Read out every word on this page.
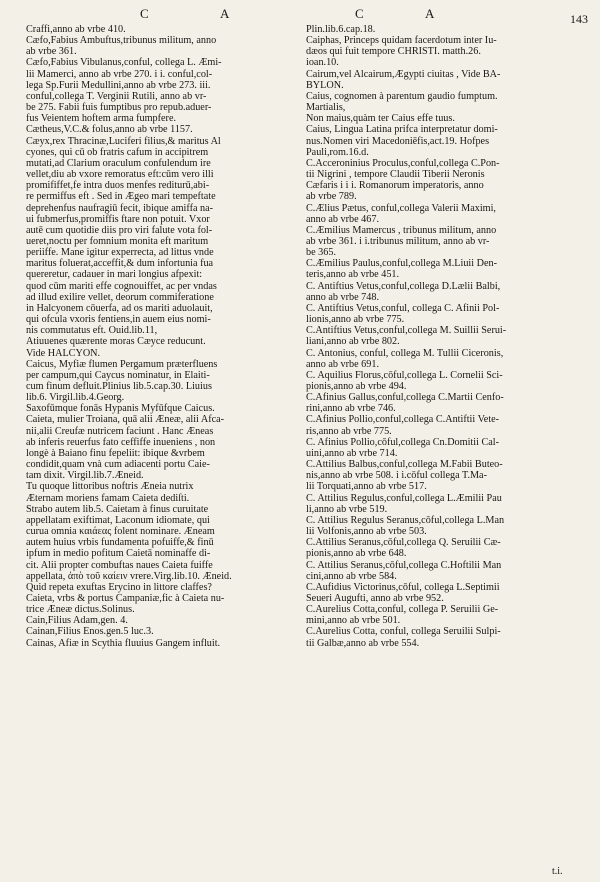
C	A	C	A	143
Craffi,anno ab vrbe 410.
Cæfo,Fabius Ambuftus,tribunus militum, anno
ab vrbe 361.
Cæfo,Fabius Vibulanus,conful, collega L. Æmi-
lii Mamerci, anno ab vrbe 270. i i. conful,col-
lega Sp.Furii Medullini,anno ab vrbe 273. iii.
conful,collega T. Verginii Rutili, anno ab vr-
be 275. Fabii fuis fumptibus pro repub.aduer-
fus Veientem hoftem arma fumpfere.
Cætheus,V.C.& folus,anno ab vrbe 1157.
Cæyx,rex Thracinæ,Luciferi filius,& maritus Al
cyones, qui cū ob fratris cafum in accipitrem
mutati,ad Clarium oraculum confulendum ire
vellet,diu ab vxore remoratus eft:cūm vero illi
promififfet,fe intra duos menfes rediturū,abi-
re permiffus eft . Sed in Ægeo mari tempeftate
deprehenfus naufragiū fecit, ibique amiffa na-
ui fubmerfus,promiffis ftare non potuit. Vxor
autē cum quotidie diis pro viri falute vota fol-
ueret,noctu per fomnium monita eft maritum
periiffe. Mane igitur experrecta, ad littus vnde
maritus foluerat,acceffit,& dum infortunia fua
quereretur, cadauer in mari longius afpexit:
quod cūm mariti effe cognouiffet, ac per vndas
ad illud exilire vellet, deorum commiferatione
in Halcyonem cōuerfa, ad os mariti aduolauit,
qui ofcula vxoris fentiens,in auem eius nomi-
nis commutatus eft. Ouid.lib.11,
Atiuuenes quærente moras Cæyce reducunt.
Vide HALCYON.
Caicus, Myfiæ flumen Pergamum præterfluens
per campum,qui Caycus nominatur, in Elaiti-
cum finum defluit.Plinius lib.5.cap.30. Liuius
lib.6. Virgil.lib.4.Georg.
Saxofūmque fonās Hypanis Myfūfque Caicus.
Caieta, mulier Troiana, quā alii Æneæ, alii Afca-
nii,alii Creufæ nutricem faciunt . Hanc Æneas
ab inferis reuerfus fato ceffiffe inueniens , non
longè à Baiano finu fepeliit: ibique &vrbem
condidit,quam vnà cum adiacenti portu Caie-
tam dixit. Virgil.lib.7.Æneid.
Tu quoque littoribus noftris Æneia nutrix
Æternam moriens famam Caieta dediſti.
Strabo autem lib.5. Caietam à finus curuitate
appellatam exiftimat, Laconum idiomate, qui
curua omnia καιάεας folent nominare. Æneam
autem huius vrbis fundamenta pofuiffe,& finū
ipfum in medio pofitum Caietā nominaffe di-
cit. Alii propter combuftas naues Caieta fuiffe
appellata, ἀπὸ τοῦ καίειν vrere.Virg.lib.10. Æneid.
Quid repeta exuftas Erycino in littore claffes?
Caieta, vrbs & portus Campaniæ,fic à Caieta nu-
trice Æneæ dictus.Solinus.
Cain,Filius Adam,gen. 4.
Cainan,Filius Enos.gen.5 luc.3.
Cainas, Afiæ in Scythia fluuius Gangem influit.
Plin.lib.6.cap.18.
Caiphas, Princeps quidam facerdotum inter Iu-
dæos qui fuit tempore CHRISTI. matth.26.
ioan.10.
Cairum,vel Alcairum,Ægypti ciuitas , Vide BA-
BYLON.
Caius, cognomen à parentum gaudio fumptum.
Martialis,
Non maius,quàm ter Caius effe tuus.
Caius, Lingua Latina prifca interpretatur domi-
nus.Nomen viri Macedoniēfis,act.19. Hofpes
Pauli,rom.16.d.
C.Acceroninius Proculus,conful,collega C.Pon-
tii Nigrini , tempore Claudii Tiberii Neronis
Cæfaris i i i. Romanorum imperatoris, anno
ab vrbe 789.
C.Ælius Pætus, conful,collega Valerii Maximi,
anno ab vrbe 467.
C.Æmilius Mamercus , tribunus militum, anno
ab vrbe 361. i i.tribunus militum, anno ab vr-
be 365.
C.Æmilius Paulus,conful,collega M.Liuii Den-
teris,anno ab vrbe 451.
C. Antiftius Vetus,conful,collega D.Lælii Balbi,
anno ab vrbe 748.
C. Antiftius Vetus,conful, collega C. Afinii Pol-
lionis,anno ab vrbe 775.
C.Antiftius Vetus,conful,collega M. Suillii Serui-
liani,anno ab vrbe 802.
C. Antonius, conful, collega M. Tullii Ciceronis,
anno ab vrbe 691.
C. Aquilius Florus,cōful,collega L. Cornelii Sci-
pionis,anno ab vrbe 494.
C.Afinius Gallus,conful,collega C.Martii Cenfo-
rini,anno ab vrbe 746.
C.Afinius Pollio,conful,collega C.Antiftii Vete-
ris,anno ab vrbe 775.
C. Afinius Pollio,cōful,collega Cn.Domitii Cal-
uini,anno ab vrbe 714.
C.Attilius Balbus,conful,collega M.Fabii Buteo-
nis,anno ab vrbe 508. i i.cōful collega T.Ma-
lii Torquati,anno ab vrbe 517.
C. Attilius Regulus,conful,collega L.Æmilii Pau
li,anno ab vrbe 519.
C. Attilius Regulus Seranus,cōful,collega L.Man
lii Volfonis,anno ab vrbe 503.
C.Attilius Seranus,cōful,collega Q. Seruilii Cæ-
pionis,anno ab vrbe 648.
C. Attilius Seranus,cōful,collega C.Hoftilii Man
cini,anno ab vrbe 584.
C.Aufidius Victorinus,cōful, collega L.Septimii
Seueri Augufti, anno ab vrbe 952.
C.Aurelius Cotta,conful, collega P. Seruilii Ge-
mini,anno ab vrbe 501.
C.Aurelius Cotta, conful, collega Seruilii Sulpi-
tii Galbæ,anno ab vrbe 554.
t.i.
